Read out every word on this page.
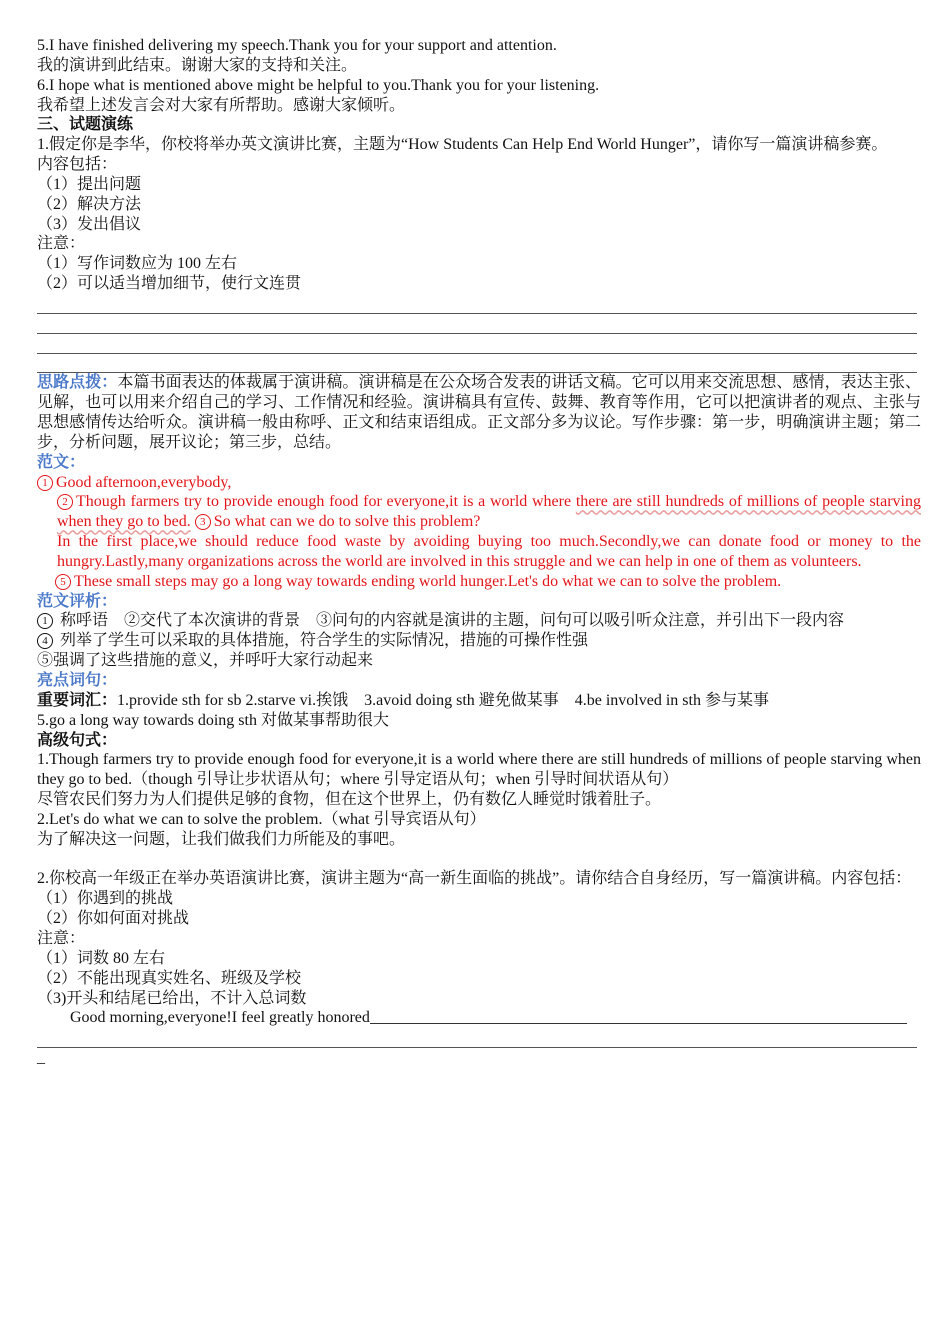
5.I have finished delivering my speech.Thank you for your support and attention.
我的演讲到此结束。谢谢大家的支持和关注。
6.I hope what is mentioned above might be helpful to you.Thank you for your listening.
我希望上述发言会对大家有所帮助。感谢大家倾听。
三、试题演练
1.假定你是李华，你校将举办英文演讲比赛，主题为“How Students Can Help End World Hunger”，请你写一篇演讲稿参赛。
内容包括：
（1）提出问题
（2）解决方法
（3）发出倡议
注意：
（1）写作词数应为 100 左右
（2）可以适当增加细节，使行文连贯
思路点拨：本篇书面表达的体裁属于演讲稿。演讲稿是在公众场合发表的讲话文稿。它可以用来交流思想、感情，表达主张、见解，也可以用来介绍自己的学习、工作情况和经验。演讲稿具有宣传、鼓舞、教育等作用，它可以把演讲者的观点、主张与思想感情传达给听众。演讲稿一般由称呼、正文和结束语组成。正文部分多为议论。写作步骤：第一步，明确演讲主题；第二步，分析问题，展开议论；第三步，总结。
范文：
1 Good afternoon,everybody,
2 Though farmers try to provide enough food for everyone,it is a world where there are still hundreds of millions of people starving when they go to bed. 3 So what can we do to solve this problem?
In the first place,we should reduce food waste by avoiding buying too much.Secondly,we can donate food or money to the hungry.Lastly,many organizations across the world are involved in this struggle and we can help in one of them as volunteers.
5 These small steps may go a long way towards ending world hunger.Let's do what we can to solve the problem.
范文评析：
1 称呼语　②交代了本次演讲的背景　③问句的内容就是演讲的主题，问句可以吸引听众注意，并引出下一段内容
4 列举了学生可以采取的具体措施，符合学生的实际情况，措施的可操作性强
⑤强调了这些措施的意义，并呼吁大家行动起来
亮点词句：
重要词汇：1.provide sth for sb 2.starve vi.挨饿　3.avoid doing sth 避免做某事　4.be involved in sth 参与某事
5.go a long way towards doing sth 对做某事帮助很大
高级句式：
1.Though farmers try to provide enough food for everyone,it is a world where there are still hundreds of millions of people starving when they go to bed.（though 引导让步状语从句；where 引导定语从句；when 引导时间状语从句）
尽管农民们努力为人们提供足够的食物，但在这个世界上，仍有数亿人睡觉时饿着肚子。
2.Let's do what we can to solve the problem.（what 引导宾语从句）
为了解决这一问题，让我们做我们力所能及的事吧。
2.你校高一年级正在举办英语演讲比赛，演讲主题为“高一新生面临的挑战”。请你结合自身经历，写一篇演讲稿。内容包括：
（1）你遇到的挑战
（2）你如何面对挑战
注意：
（1）词数 80 左右
（2）不能出现真实姓名、班级及学校
（3)开头和结尾已给出，不计入总词数
Good morning,everyone!I feel greatly honored
_
